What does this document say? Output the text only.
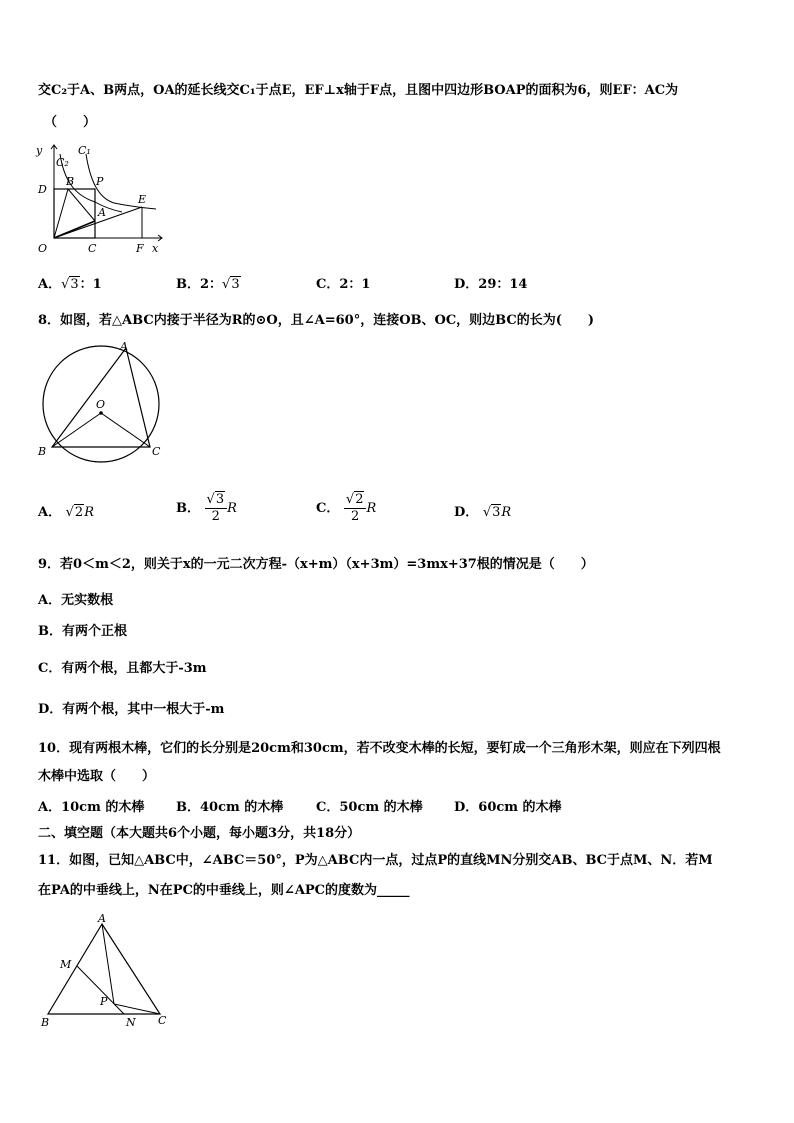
交C₂于A、B两点，OA的延长线交C₁于点E，EF⊥x轴于F点，且图中四边形BOAP的面积为6，则EF：AC为
（　　）
y
C₂
C₁
D
B P
E
A
O	C	F x
A．√3：1	B．2：√3	C．2：1	D．29：14
8．如图，若△ABC内接于半径为R的⊙O，且∠A=60°，连接OB、OC，则边BC的长为(　　)
A
O
B	C
A． √2R	B． $\frac{√3}{2}$ R	C． $\frac{√2}{2}$ R	D． √3R
9．若0＜m＜2，则关于x的一元二次方程-（x+m）（x+3m）=3mx+37根的情况是（　　）
A．无实数根
B．有两个正根
C．有两个根，且都大于-3m
D．有两个根，其中一根大于-m
10．现有两根木棒，它们的长分别是20cm和30cm，若不改变木棒的长短，要钉成一个三角形木架，则应在下列四根
木棒中选取（　　）
A．10cm 的木棒 B．40cm 的木棒	C．50cm 的木棒 D．60cm 的木棒
二、填空题（本大题共6个小题，每小题3分，共18分）
11．如图，已知△ABC中，∠ABC＝50°，P为△ABC内一点，过点P的直线MN分别交AB、BC于点M、N．若M
在PA的中垂线上，N在PC的中垂线上，则∠APC的度数为_____
A
M
P
B	N C
